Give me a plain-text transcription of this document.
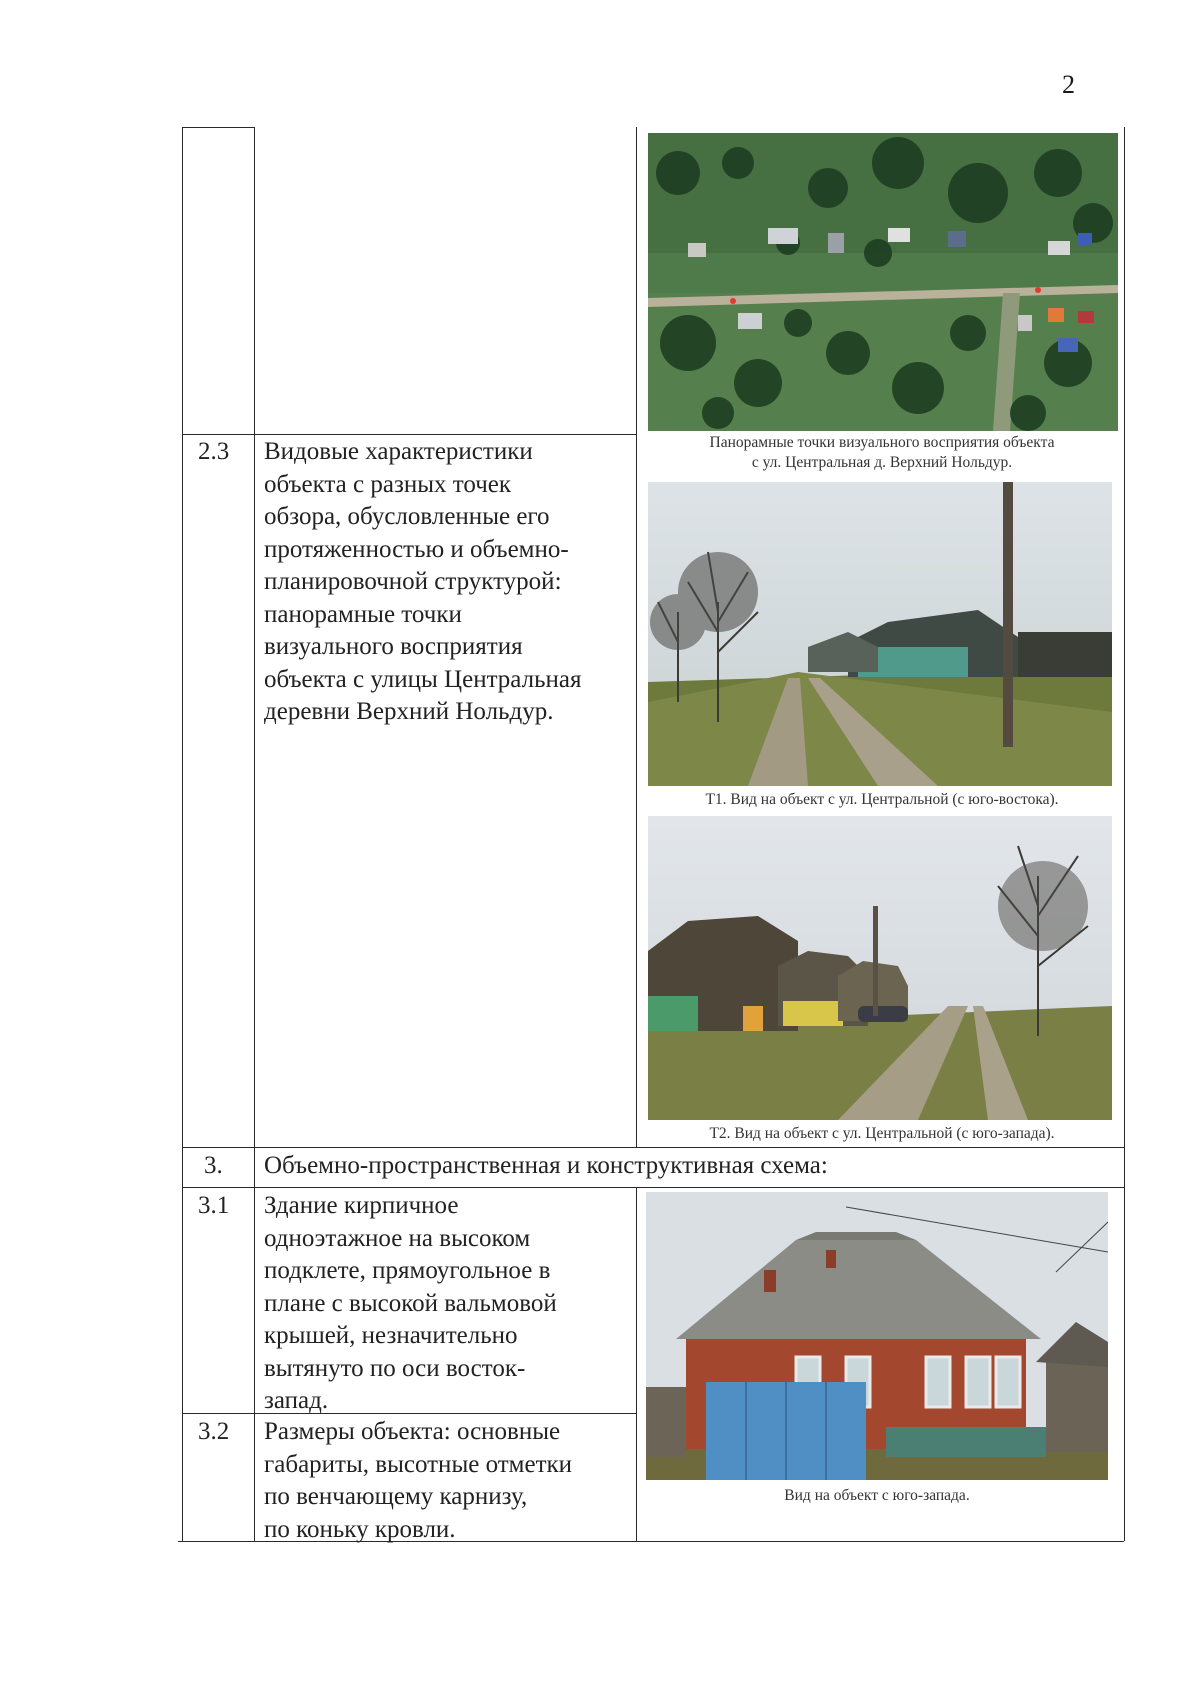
2
2.3 Видовые характеристики
объекта с разных точек
обзора, обусловленные его
протяженностью и объемно-
планировочной структурой:
панорамные точки
визуального восприятия
объекта с улицы Центральная
деревни Верхний Нольдур.
3. Объемно-пространственная и конструктивная схема:
3.1 Здание кирпичное
одноэтажное на высоком
подклете, прямоугольное в
плане с высокой вальмовой
крышей, незначительно
вытянуто по оси восток-
запад.
3.2 Размеры объекта: основные
габариты, высотные отметки
по венчающему карнизу,
по коньку кровли.
Панорамные точки визуального восприятия объекта
с ул. Центральная д. Верхний Нольдур.
Т1. Вид на объект с ул. Центральной (с юго-востока).
Т2. Вид на объект с ул. Центральной (с юго-запада).
Вид на объект с юго-запада.
